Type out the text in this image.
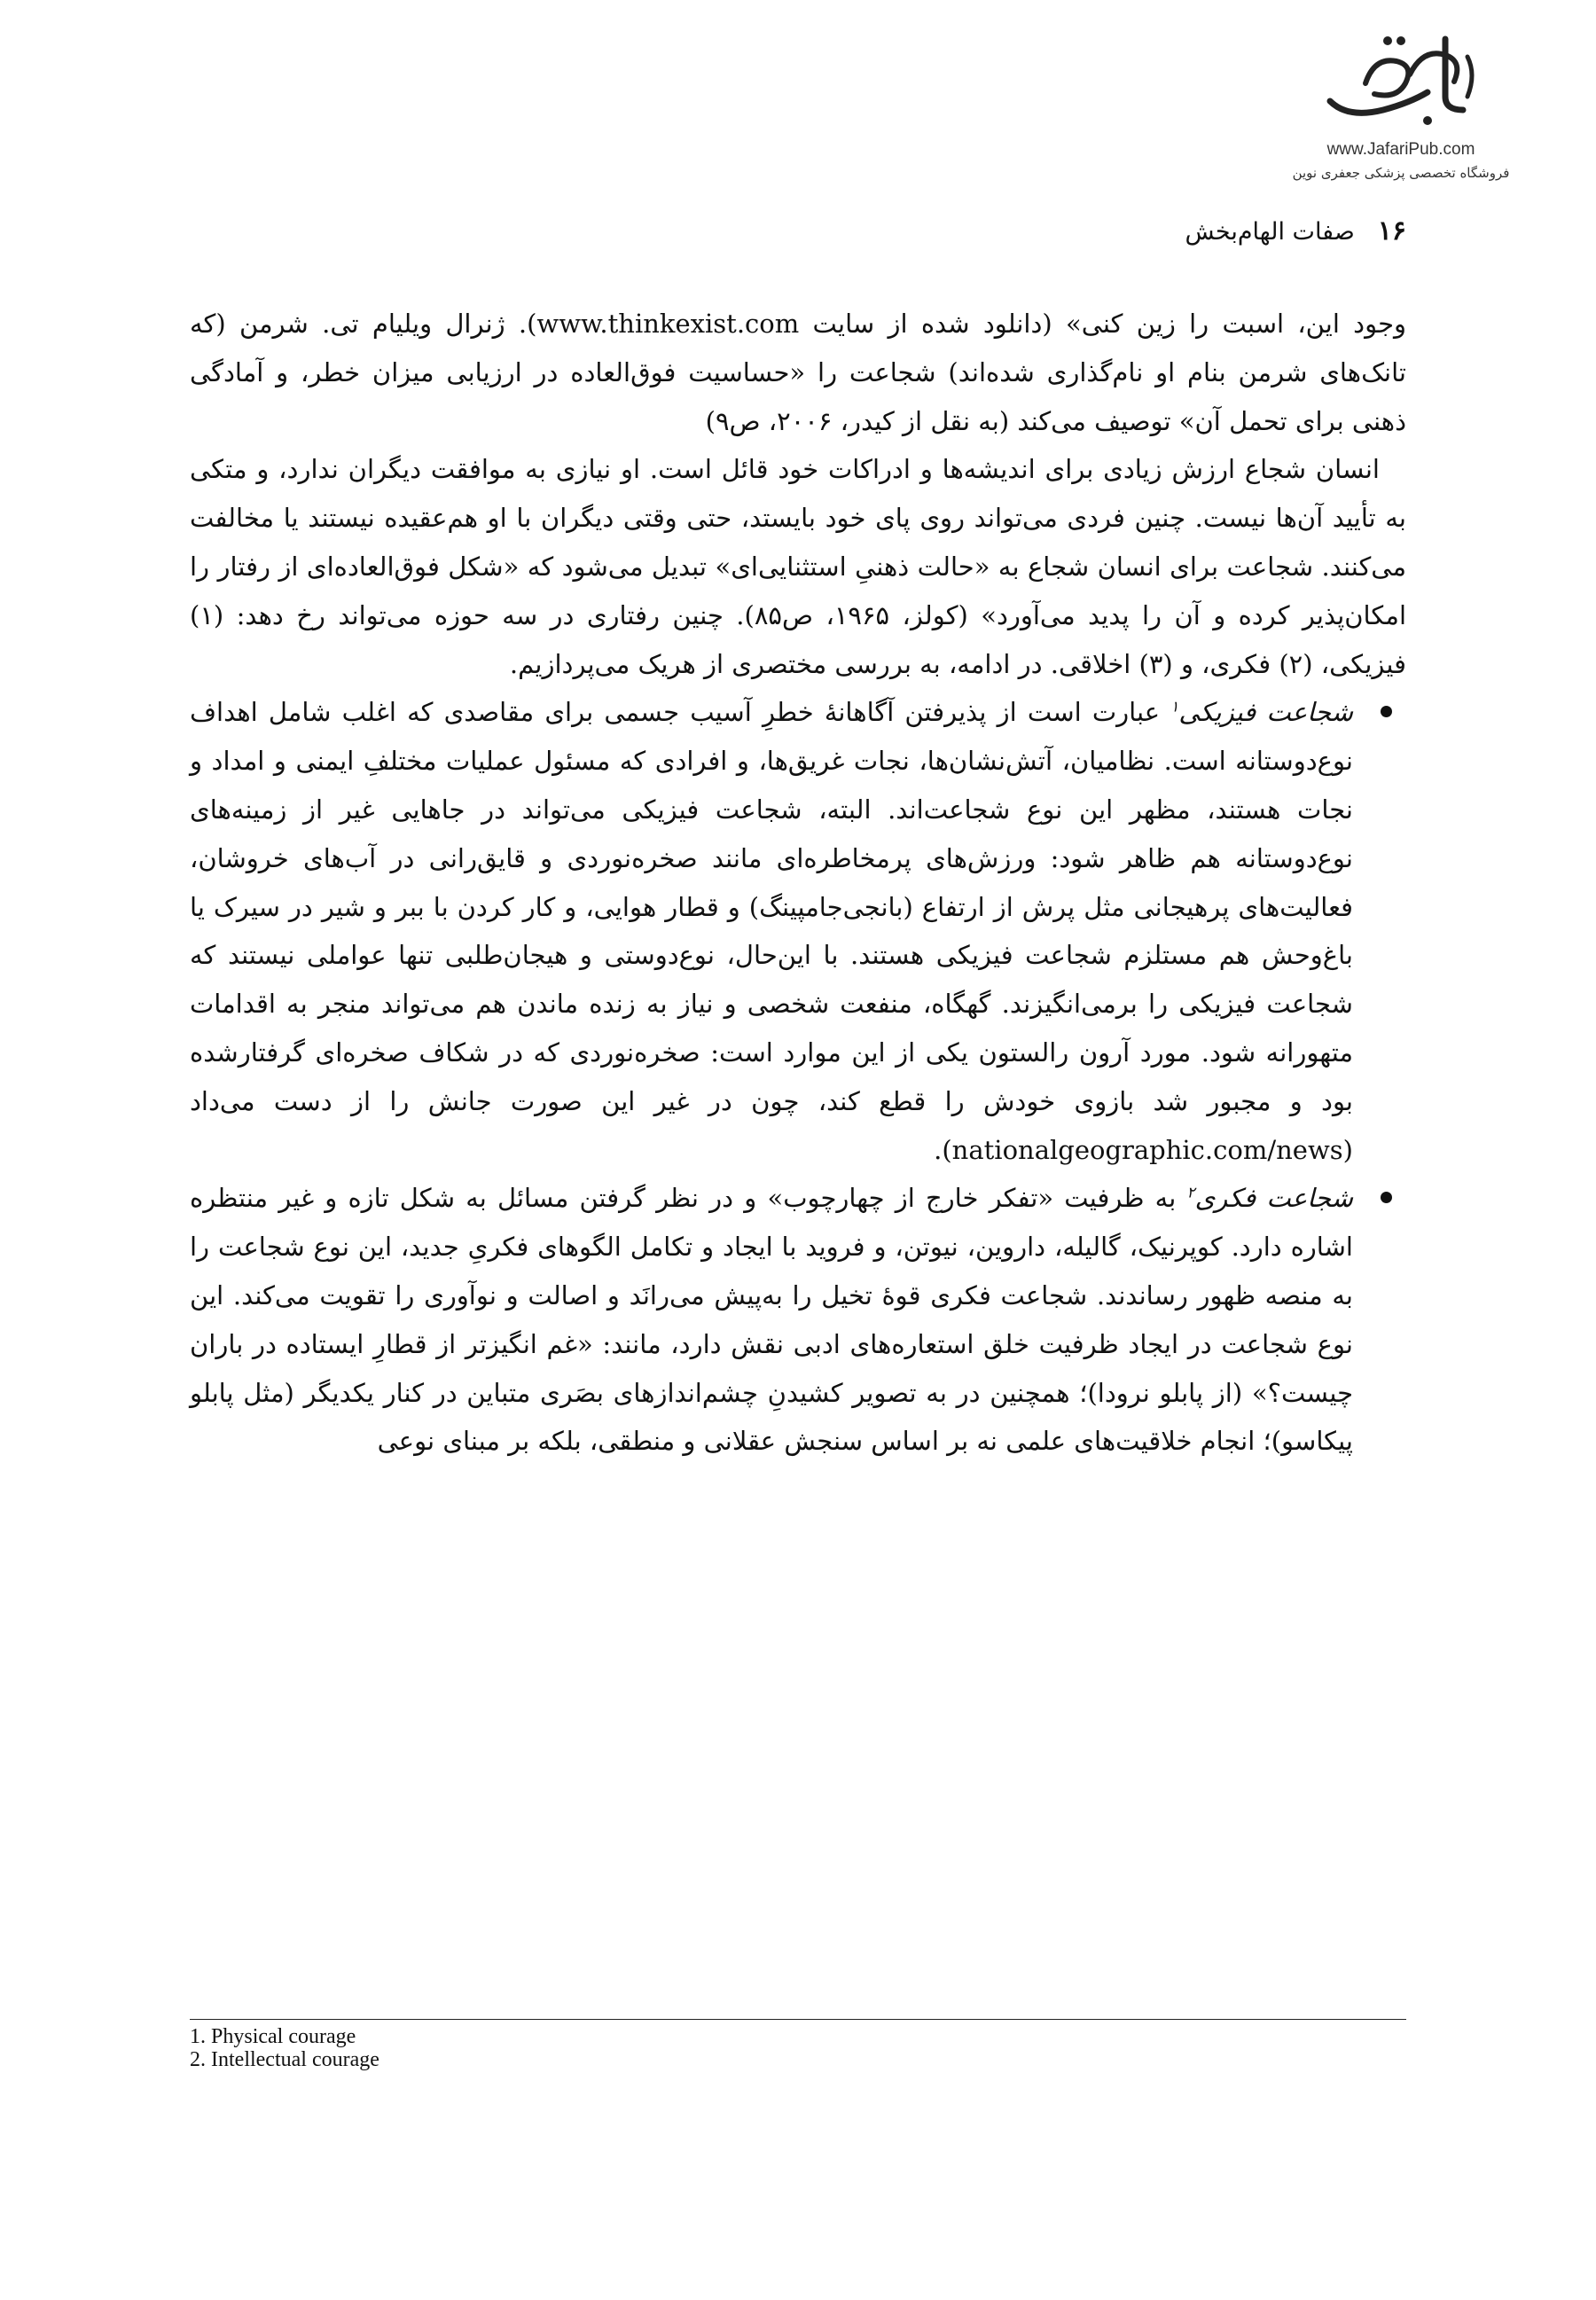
www.JafariPub.com
فروشگاه تخصصی پزشکی جعفری نوین
۱۶
صفات الهام‌بخش

وجود این، اسبت را زین کنی» (دانلود شده از سایت www.thinkexist.com). ژنرال ویلیام تی. شرمن (که تانک‌های شرمن بنام او نام‌گذاری شده‌اند) شجاعت را «حساسیت فوق‌العاده در ارزیابی میزان خطر، و آمادگی ذهنی برای تحمل آن» توصیف می‌کند (به نقل از کیدر، ۲۰۰۶، ص۹)

انسان شجاع ارزش زیادی برای اندیشه‌ها و ادراکات خود قائل است. او نیازی به موافقت دیگران ندارد، و متکی به تأیید آن‌ها نیست. چنین فردی می‌تواند روی پای خود بایستد، حتی وقتی دیگران با او هم‌عقیده نیستند یا مخالفت می‌کنند. شجاعت برای انسان شجاع به «حالت ذهنیِ استثنایی‌ای» تبدیل می‌شود که «شکل فوق‌العاده‌ای از رفتار را امکان‌پذیر کرده و آن را پدید می‌آورد» (کولز، ۱۹۶۵، ص۸۵). چنین رفتاری در سه حوزه می‌تواند رخ دهد: (۱) فیزیکی، (۲) فکری، و (۳) اخلاقی. در ادامه، به بررسی مختصری از هریک می‌پردازیم.

شجاعت فیزیکی$^۱$ عبارت است از پذیرفتن آگاهانهٔ خطرِ آسیب جسمی برای مقاصدی که اغلب شامل اهداف نوع‌دوستانه است. نظامیان، آتش‌نشان‌ها، نجات غریق‌ها، و افرادی که مسئول عملیات مختلفِ ایمنی و امداد و نجات هستند، مظهر این نوع شجاعت‌اند. البته، شجاعت فیزیکی می‌تواند در جاهایی غیر از زمینه‌های نوع‌دوستانه هم ظاهر شود: ورزش‌های پرمخاطره‌ای مانند صخره‌نوردی و قایق‌رانی در آب‌های خروشان، فعالیت‌های پرهیجانی مثل پرش از ارتفاع (بانجی‌جامپینگ) و قطار هوایی، و کار کردن با ببر و شیر در سیرک یا باغ‌وحش هم مستلزم شجاعت فیزیکی هستند. با این‌حال، نوع‌دوستی و هیجان‌طلبی تنها عواملی نیستند که شجاعت فیزیکی را برمی‌انگیزند. گهگاه، منفعت شخصی و نیاز به زنده ماندن هم می‌تواند منجر به اقدامات متهورانه شود. مورد آرون رالستون یکی از این موارد است: صخره‌نوردی که در شکاف صخره‌ای گرفتارشده بود و مجبور شد بازوی خودش را قطع کند، چون در غیر این صورت جانش را از دست می‌داد (nationalgeographic.com/news).
شجاعت فکری$^۲$ به ظرفیت «تفکر خارج از چهارچوب» و در نظر گرفتن مسائل به شکل تازه و غیر منتظره اشاره دارد. کوپرنیک، گالیله، داروین، نیوتن، و فروید با ایجاد و تکامل الگوهای فکریِ جدید، این نوع شجاعت را به منصه ظهور رساندند. شجاعت فکری قوهٔ تخیل را به‌پیش می‌رانَد و اصالت و نوآوری را تقویت می‌کند. این نوع شجاعت در ایجاد ظرفیت خلق استعاره‌های ادبی نقش دارد، مانند: «غم انگیزتر از قطارِ ایستاده در باران چیست؟» (از پابلو نرودا)؛ همچنین در به تصویر کشیدنِ چشم‌اندازهای بصَری متباین در کنار یکدیگر (مثل پابلو پیکاسو)؛ انجام خلاقیت‌های علمی نه بر اساس سنجش عقلانی و منطقی، بلکه بر مبنای نوعی
1. Physical courage
2. Intellectual courage
